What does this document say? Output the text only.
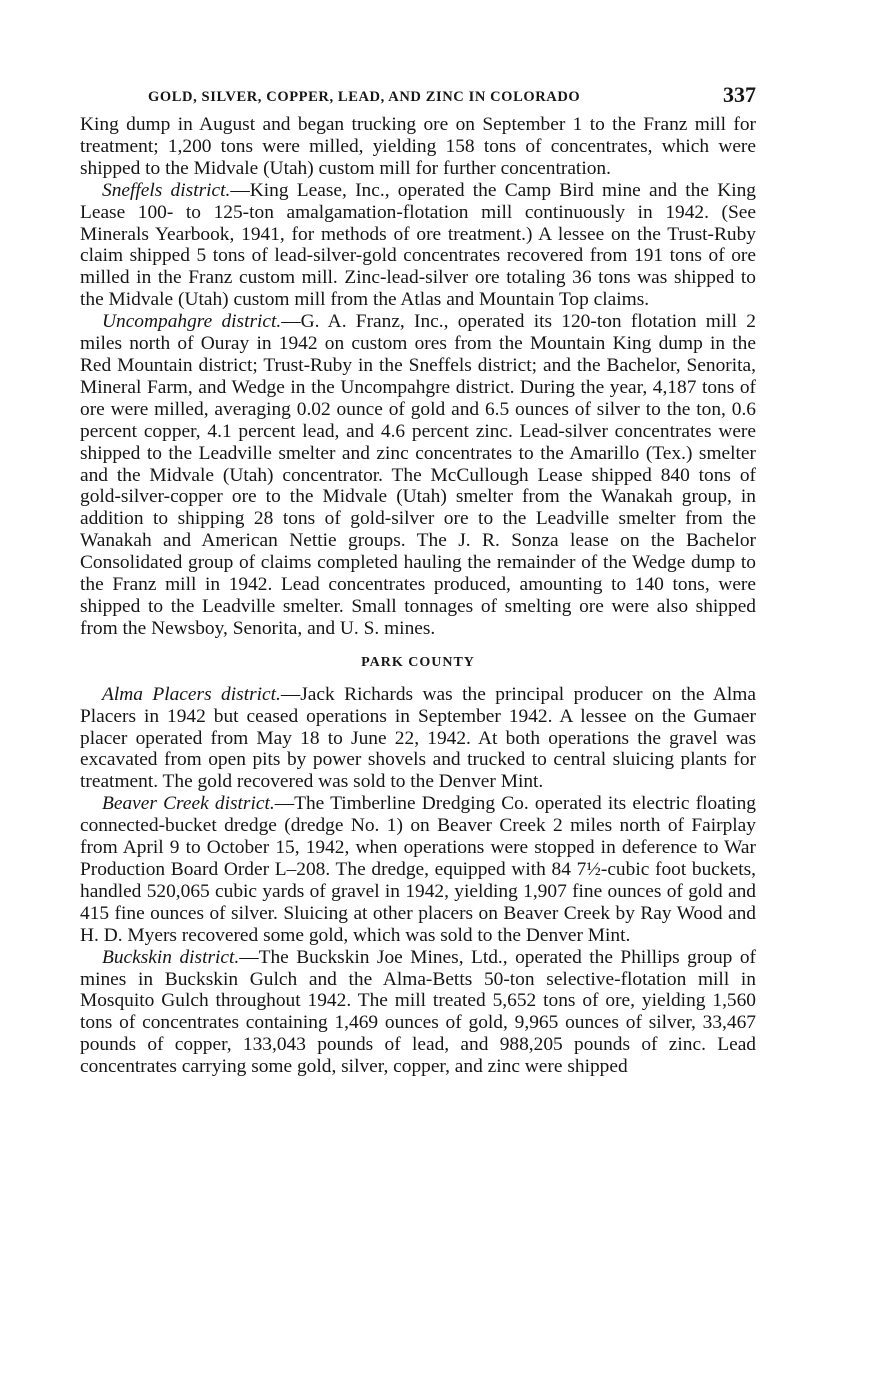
GOLD, SILVER, COPPER, LEAD, AND ZINC IN COLORADO	337

King dump in August and began trucking ore on September 1 to the Franz mill for treatment; 1,200 tons were milled, yielding 158 tons of concentrates, which were shipped to the Midvale (Utah) custom mill for further concentration.

Sneffels district.—King Lease, Inc., operated the Camp Bird mine and the King Lease 100- to 125-ton amalgamation-flotation mill continuously in 1942. (See Minerals Yearbook, 1941, for methods of ore treatment.) A lessee on the Trust-Ruby claim shipped 5 tons of lead-silver-gold concentrates recovered from 191 tons of ore milled in the Franz custom mill. Zinc-lead-silver ore totaling 36 tons was shipped to the Midvale (Utah) custom mill from the Atlas and Mountain Top claims.

Uncompahgre district.—G. A. Franz, Inc., operated its 120-ton flotation mill 2 miles north of Ouray in 1942 on custom ores from the Mountain King dump in the Red Mountain district; Trust-Ruby in the Sneffels district; and the Bachelor, Senorita, Mineral Farm, and Wedge in the Uncompahgre district. During the year, 4,187 tons of ore were milled, averaging 0.02 ounce of gold and 6.5 ounces of silver to the ton, 0.6 percent copper, 4.1 percent lead, and 4.6 percent zinc. Lead-silver concentrates were shipped to the Leadville smelter and zinc concentrates to the Amarillo (Tex.) smelter and the Midvale (Utah) concentrator. The McCullough Lease shipped 840 tons of gold-silver-copper ore to the Midvale (Utah) smelter from the Wanakah group, in addition to shipping 28 tons of gold-silver ore to the Leadville smelter from the Wanakah and American Nettie groups. The J. R. Sonza lease on the Bachelor Consolidated group of claims completed hauling the remainder of the Wedge dump to the Franz mill in 1942. Lead concentrates produced, amounting to 140 tons, were shipped to the Leadville smelter. Small tonnages of smelting ore were also shipped from the Newsboy, Senorita, and U. S. mines.

PARK COUNTY

Alma Placers district.—Jack Richards was the principal producer on the Alma Placers in 1942 but ceased operations in September 1942. A lessee on the Gumaer placer operated from May 18 to June 22, 1942. At both operations the gravel was excavated from open pits by power shovels and trucked to central sluicing plants for treatment. The gold recovered was sold to the Denver Mint.

Beaver Creek district.—The Timberline Dredging Co. operated its electric floating connected-bucket dredge (dredge No. 1) on Beaver Creek 2 miles north of Fairplay from April 9 to October 15, 1942, when operations were stopped in deference to War Production Board Order L–208. The dredge, equipped with 84 7½-cubic foot buckets, handled 520,065 cubic yards of gravel in 1942, yielding 1,907 fine ounces of gold and 415 fine ounces of silver. Sluicing at other placers on Beaver Creek by Ray Wood and H. D. Myers recovered some gold, which was sold to the Denver Mint.

Buckskin district.—The Buckskin Joe Mines, Ltd., operated the Phillips group of mines in Buckskin Gulch and the Alma-Betts 50-ton selective-flotation mill in Mosquito Gulch throughout 1942. The mill treated 5,652 tons of ore, yielding 1,560 tons of concentrates containing 1,469 ounces of gold, 9,965 ounces of silver, 33,467 pounds of copper, 133,043 pounds of lead, and 988,205 pounds of zinc. Lead concentrates carrying some gold, silver, copper, and zinc were shipped
